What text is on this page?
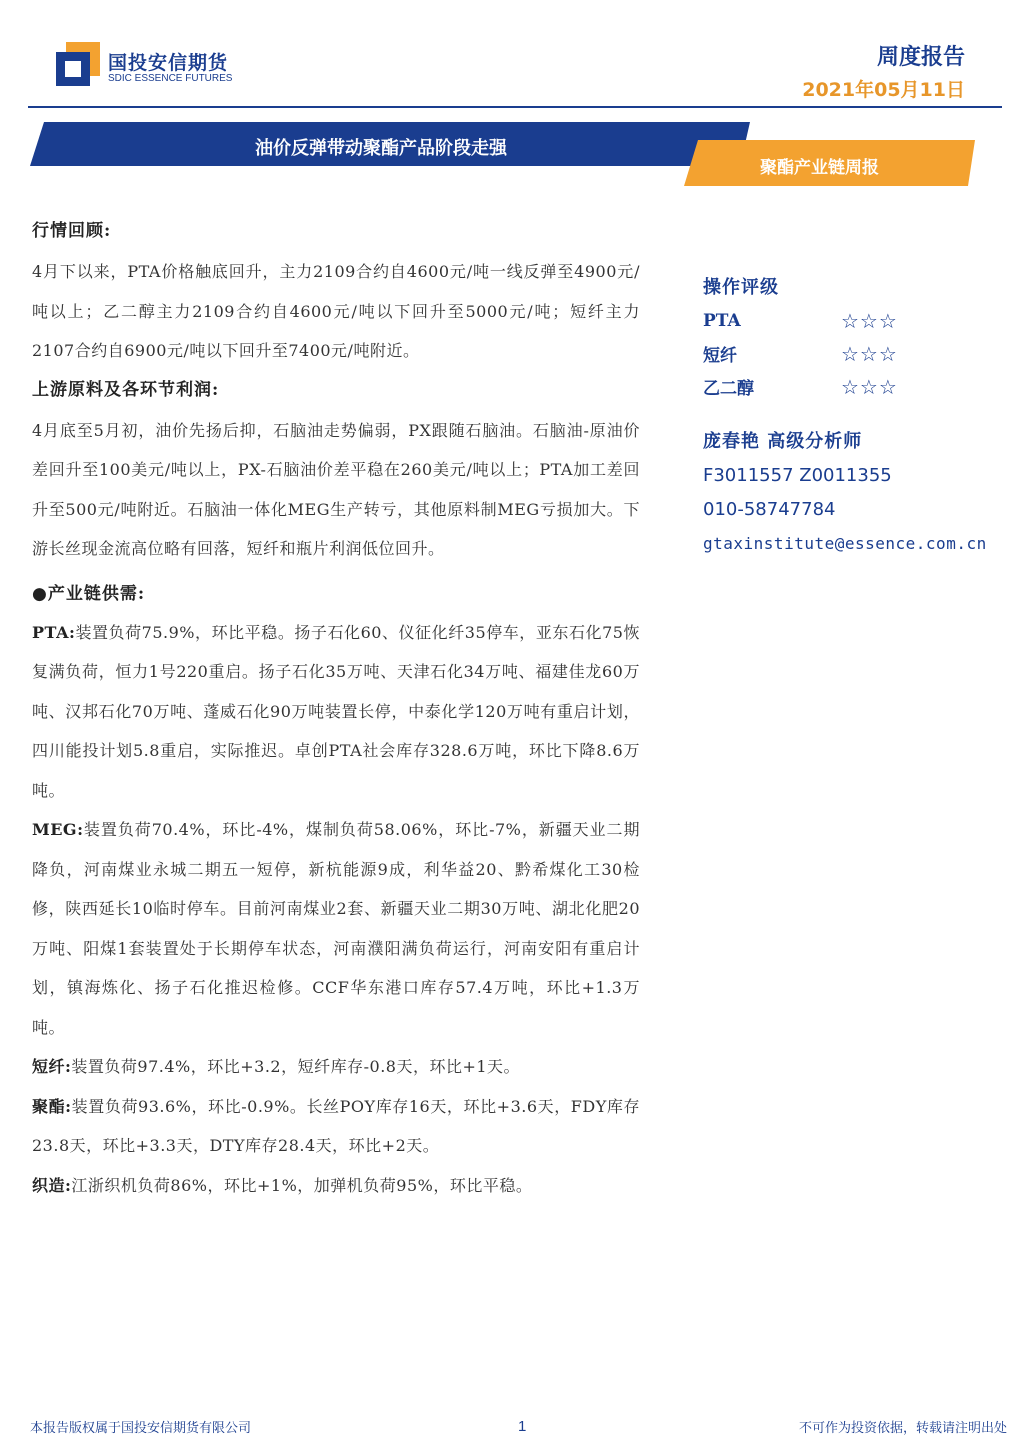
国投安信期货
SDIC ESSENCE FUTURES
周度报告
2021年05月11日
油价反弹带动聚酯产品阶段走强
聚酯产业链周报

行情回顾:

4月下以来，PTA价格触底回升，主力2109合约自4600元/吨一线反弹至4900元/吨以上；乙二醇主力2109合约自4600元/吨以下回升至5000元/吨；短纤主力2107合约自6900元/吨以下回升至7400元/吨附近。

上游原料及各环节利润:

4月底至5月初，油价先扬后抑，石脑油走势偏弱，PX跟随石脑油。石脑油-原油价差回升至100美元/吨以上，PX-石脑油价差平稳在260美元/吨以上；PTA加工差回升至500元/吨附近。石脑油一体化MEG生产转亏，其他原料制MEG亏损加大。下游长丝现金流高位略有回落，短纤和瓶片利润低位回升。

●产业链供需:

PTA:装置负荷75.9%，环比平稳。扬子石化60、仪征化纤35停车，亚东石化75恢复满负荷，恒力1号220重启。扬子石化35万吨、天津石化34万吨、福建佳龙60万吨、汉邦石化70万吨、蓬威石化90万吨装置长停，中泰化学120万吨有重启计划，四川能投计划5.8重启，实际推迟。卓创PTA社会库存328.6万吨，环比下降8.6万吨。

MEG:装置负荷70.4%，环比-4%，煤制负荷58.06%，环比-7%，新疆天业二期降负，河南煤业永城二期五一短停，新杭能源9成，利华益20、黔希煤化工30检修，陕西延长10临时停车。目前河南煤业2套、新疆天业二期30万吨、湖北化肥20万吨、阳煤1套装置处于长期停车状态，河南濮阳满负荷运行，河南安阳有重启计划，镇海炼化、扬子石化推迟检修。CCF华东港口库存57.4万吨，环比+1.3万吨。

短纤:装置负荷97.4%，环比+3.2，短纤库存-0.8天，环比+1天。

聚酯:装置负荷93.6%，环比-0.9%。长丝POY库存16天，环比+3.6天，FDY库存23.8天，环比+3.3天，DTY库存28.4天，环比+2天。

织造:江浙织机负荷86%，环比+1%，加弹机负荷95%，环比平稳。

操作评级
PTA	☆☆☆
短纤	☆☆☆
乙二醇	☆☆☆
庞春艳 高级分析师
F3011557 Z0011355
010-58747784
gtaxinstitute@essence.com.cn
本报告版权属于国投安信期货有限公司	1	不可作为投资依据，转载请注明出处
